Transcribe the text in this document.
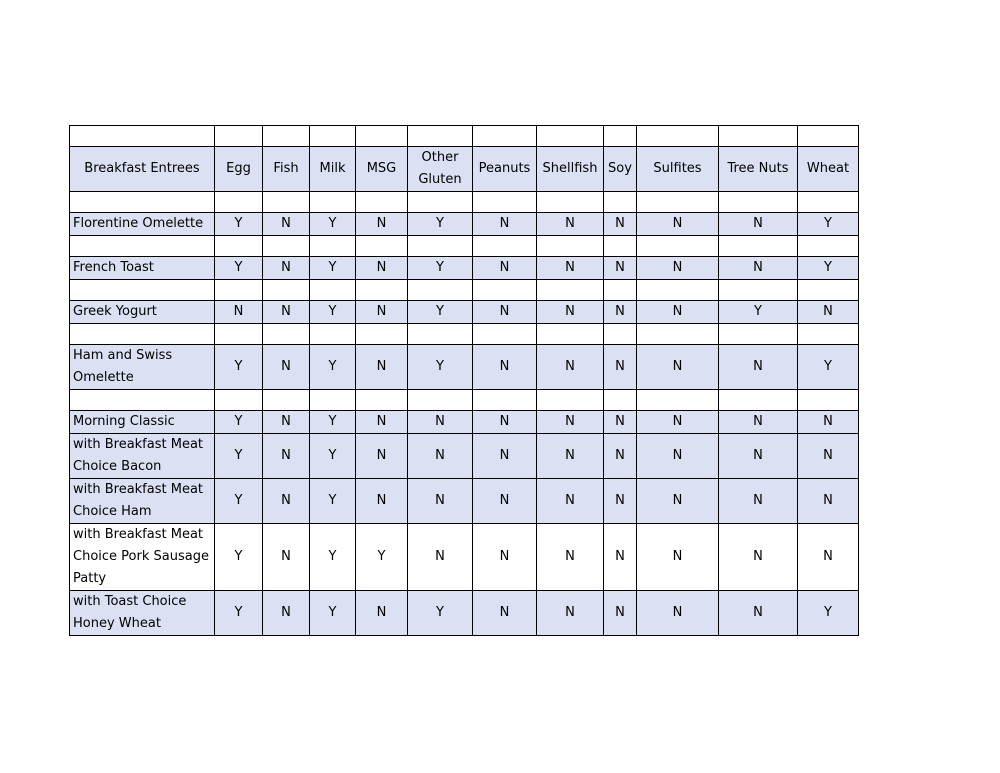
Breakfast Entrees	Egg	Fish	Milk	MSG	Other Gluten	Peanuts	Shellfish	Soy	Sulfites	Tree Nuts	Wheat

Florentine Omelette	Y	N	Y	N	Y	N	N	N	N	N	Y

French Toast	Y	N	Y	N	Y	N	N	N	N	N	Y

Greek Yogurt	N	N	Y	N	Y	N	N	N	N	Y	N

Ham and Swiss Omelette	Y	N	Y	N	Y	N	N	N	N	N	Y

Morning Classic	Y	N	Y	N	N	N	N	N	N	N	N
with Breakfast Meat Choice Bacon	Y	N	Y	N	N	N	N	N	N	N	N
with Breakfast Meat Choice Ham	Y	N	Y	N	N	N	N	N	N	N	N
with Breakfast Meat Choice Pork Sausage Patty	Y	N	Y	Y	N	N	N	N	N	N	N
with Toast Choice Honey Wheat	Y	N	Y	N	Y	N	N	N	N	N	Y
